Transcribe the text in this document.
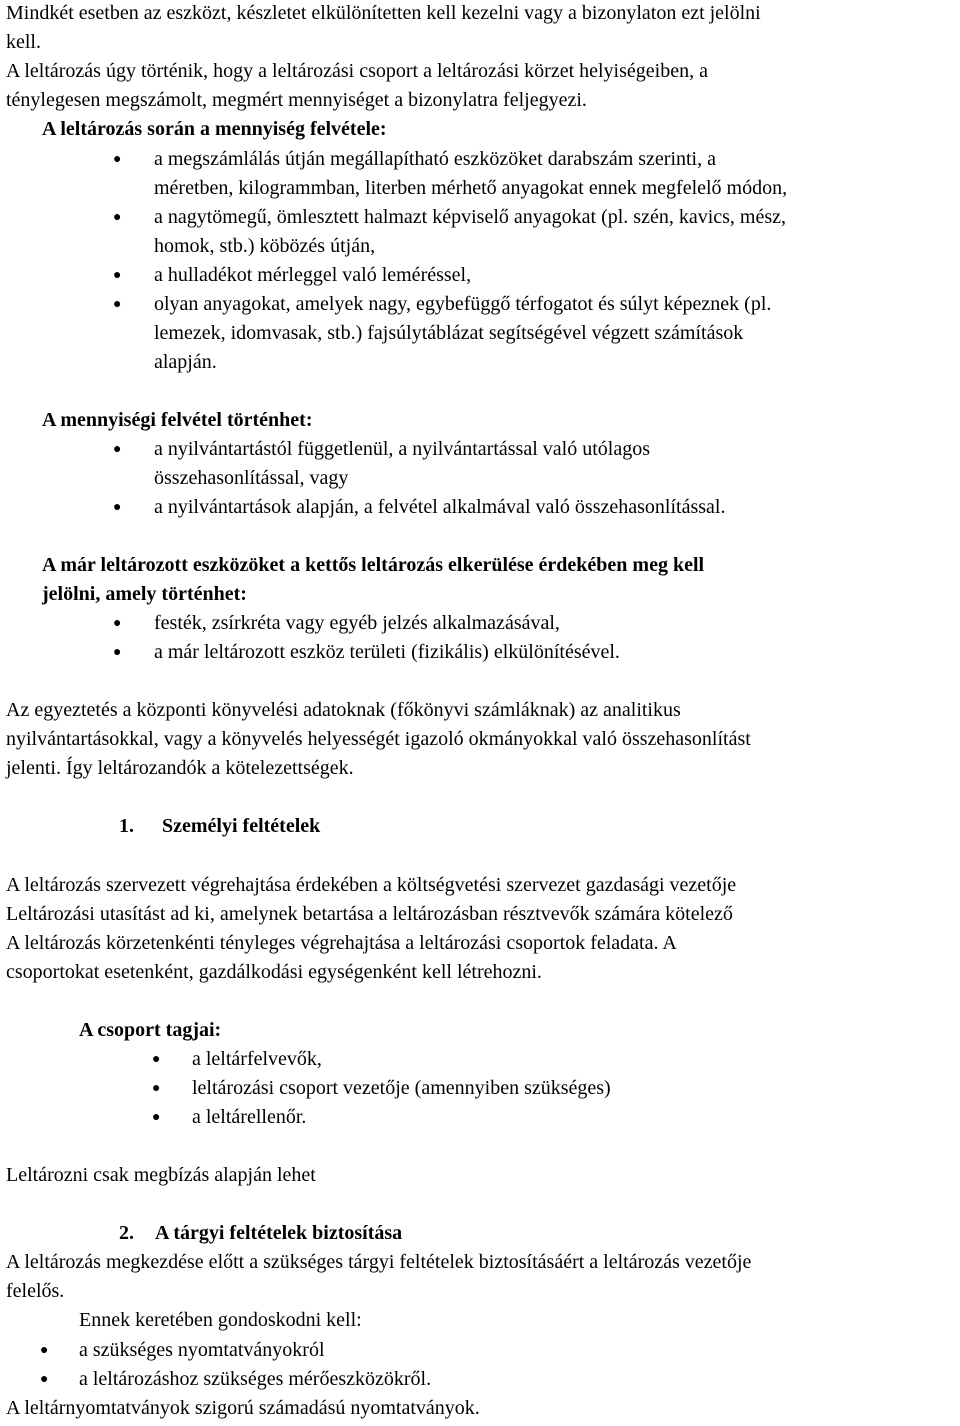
Mindkét esetben az eszközt, készletet elkülönítetten kell kezelni vagy a bizonylaton ezt jelölni
kell.
A leltározás úgy történik, hogy a leltározási csoport a leltározási körzet helyiségeiben, a
ténylegesen megszámolt, megmért mennyiséget a bizonylatra feljegyezi.
A leltározás során a mennyiség felvétele:
● a megszámlálás útján megállapítható eszközöket darabszám szerinti, a
méretben, kilogrammban, literben mérhető anyagokat ennek megfelelő módon,
● a nagytömegű, ömlesztett halmazt képviselő anyagokat (pl. szén, kavics, mész,
homok, stb.) köbözés útján,
● a hulladékot mérleggel való leméréssel,
● olyan anyagokat, amelyek nagy, egybefüggő térfogatot és súlyt képeznek (pl.
lemezek, idomvasak, stb.) fajsúlytáblázat segítségével végzett számítások
alapján.
A mennyiségi felvétel történhet:
● a nyilvántartástól függetlenül, a nyilvántartással való utólagos
összehasonlítással, vagy
● a nyilvántartások alapján, a felvétel alkalmával való összehasonlítással.
A már leltározott eszközöket a kettős leltározás elkerülése érdekében meg kell
jelölni, amely történhet:
● festék, zsírkréta vagy egyéb jelzés alkalmazásával,
● a már leltározott eszköz területi (fizikális) elkülönítésével.
Az egyeztetés a központi könyvelési adatoknak (főkönyvi számláknak) az analitikus
nyilvántartásokkal, vagy a könyvelés helyességét igazoló okmányokkal való összehasonlítást
jelenti. Így leltározandók a kötelezettségek.
1. Személyi feltételek
A leltározás szervezett végrehajtása érdekében a költségvetési szervezet gazdasági vezetője
Leltározási utasítást ad ki, amelynek betartása a leltározásban résztvevők számára kötelező
A leltározás körzetenkénti tényleges végrehajtása a leltározási csoportok feladata. A
csoportokat esetenként, gazdálkodási egységenként kell létrehozni.
A csoport tagjai:
● a leltárfelvevők,
● leltározási csoport vezetője (amennyiben szükséges)
● a leltárellenőr.
Leltározni csak megbízás alapján lehet
2. A tárgyi feltételek biztosítása
A leltározás megkezdése előtt a szükséges tárgyi feltételek biztosításáért a leltározás vezetője
felelős.
Ennek keretében gondoskodni kell:
● a szükséges nyomtatványokról
● a leltározáshoz szükséges mérőeszközökről.
A leltárnyomtatványok szigorú számadású nyomtatványok.
